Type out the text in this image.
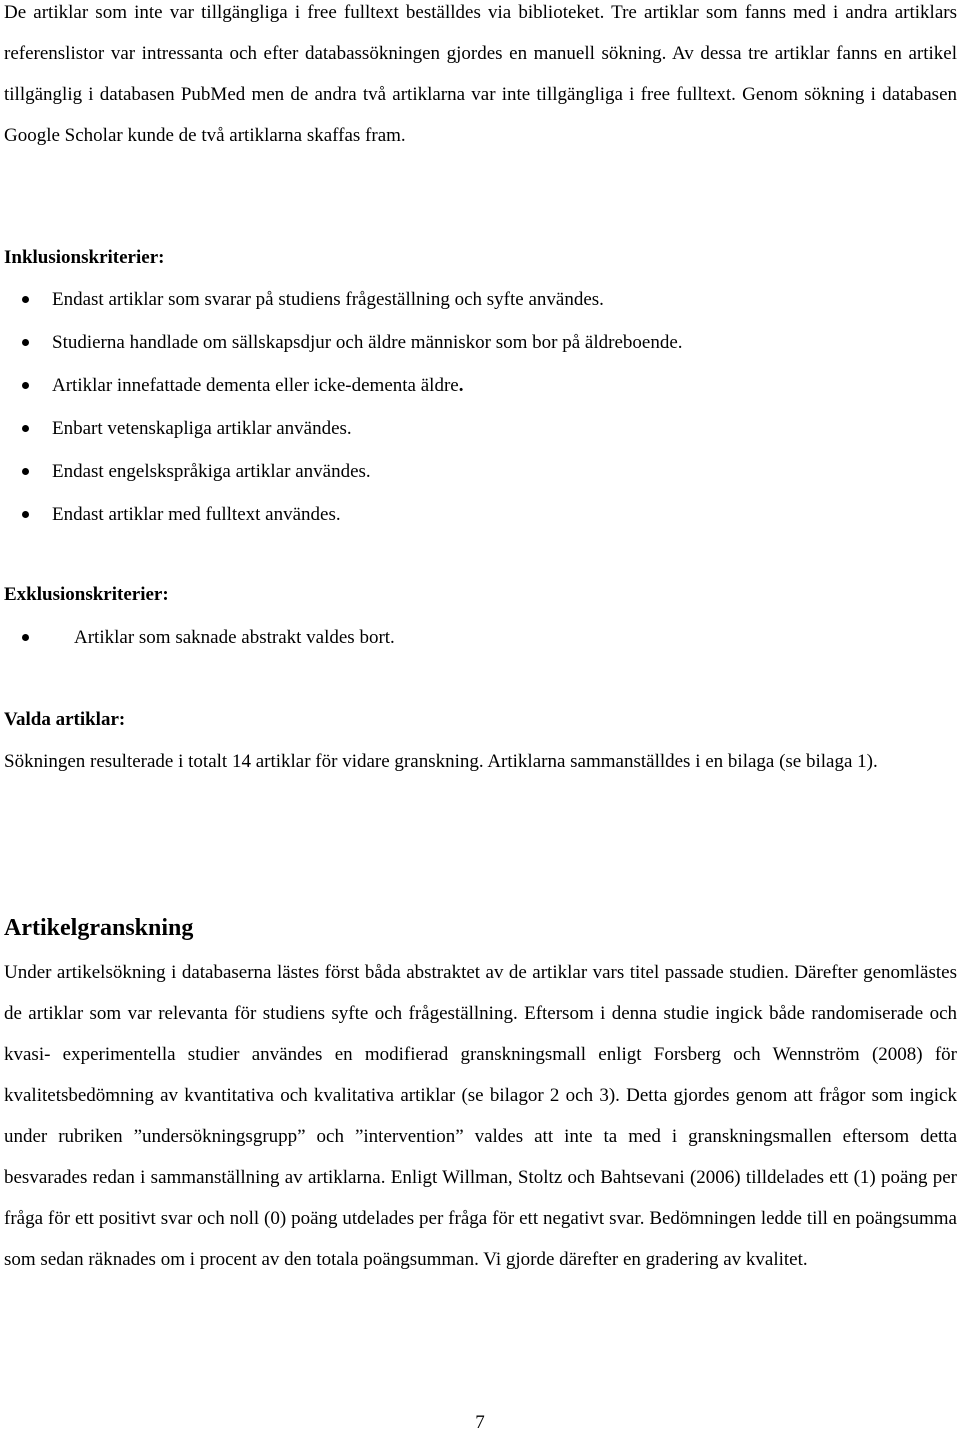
De artiklar som inte var tillgängliga i free fulltext beställdes via biblioteket. Tre artiklar som fanns med i andra artiklars referenslistor var intressanta och efter databassökningen gjordes en manuell sökning. Av dessa tre artiklar fanns en artikel tillgänglig i databasen PubMed men de andra två artiklarna var inte tillgängliga i free fulltext. Genom sökning i databasen Google Scholar kunde de två artiklarna skaffas fram.

Inklusionskriterier:
Endast artiklar som svarar på studiens frågeställning och syfte användes.
Studierna handlade om sällskapsdjur och äldre människor som bor på äldreboende.
Artiklar innefattade dementa eller icke-dementa äldre.
Enbart vetenskapliga artiklar användes.
Endast engelskspråkiga artiklar användes.
Endast artiklar med fulltext användes.
Exklusionskriterier:
Artiklar som saknade abstrakt valdes bort.
Valda artiklar:

Sökningen resulterade i totalt 14 artiklar för vidare granskning. Artiklarna sammanställdes i en bilaga (se bilaga 1).

Artikelgranskning

Under artikelsökning i databaserna lästes först båda abstraktet av de artiklar vars titel passade studien. Därefter genomlästes de artiklar som var relevanta för studiens syfte och frågeställning. Eftersom i denna studie ingick både randomiserade och kvasi- experimentella studier användes en modifierad granskningsmall enligt Forsberg och Wennström (2008) för kvalitetsbedömning av kvantitativa och kvalitativa artiklar (se bilagor 2 och 3). Detta gjordes genom att frågor som ingick under rubriken ”undersökningsgrupp” och ”intervention” valdes att inte ta med i granskningsmallen eftersom detta besvarades redan i sammanställning av artiklarna. Enligt Willman, Stoltz och Bahtsevani (2006) tilldelades ett (1) poäng per fråga för ett positivt svar och noll (0) poäng utdelades per fråga för ett negativt svar. Bedömningen ledde till en poängsumma som sedan räknades om i procent av den totala poängsumman. Vi gjorde därefter en gradering av kvalitet.

7
